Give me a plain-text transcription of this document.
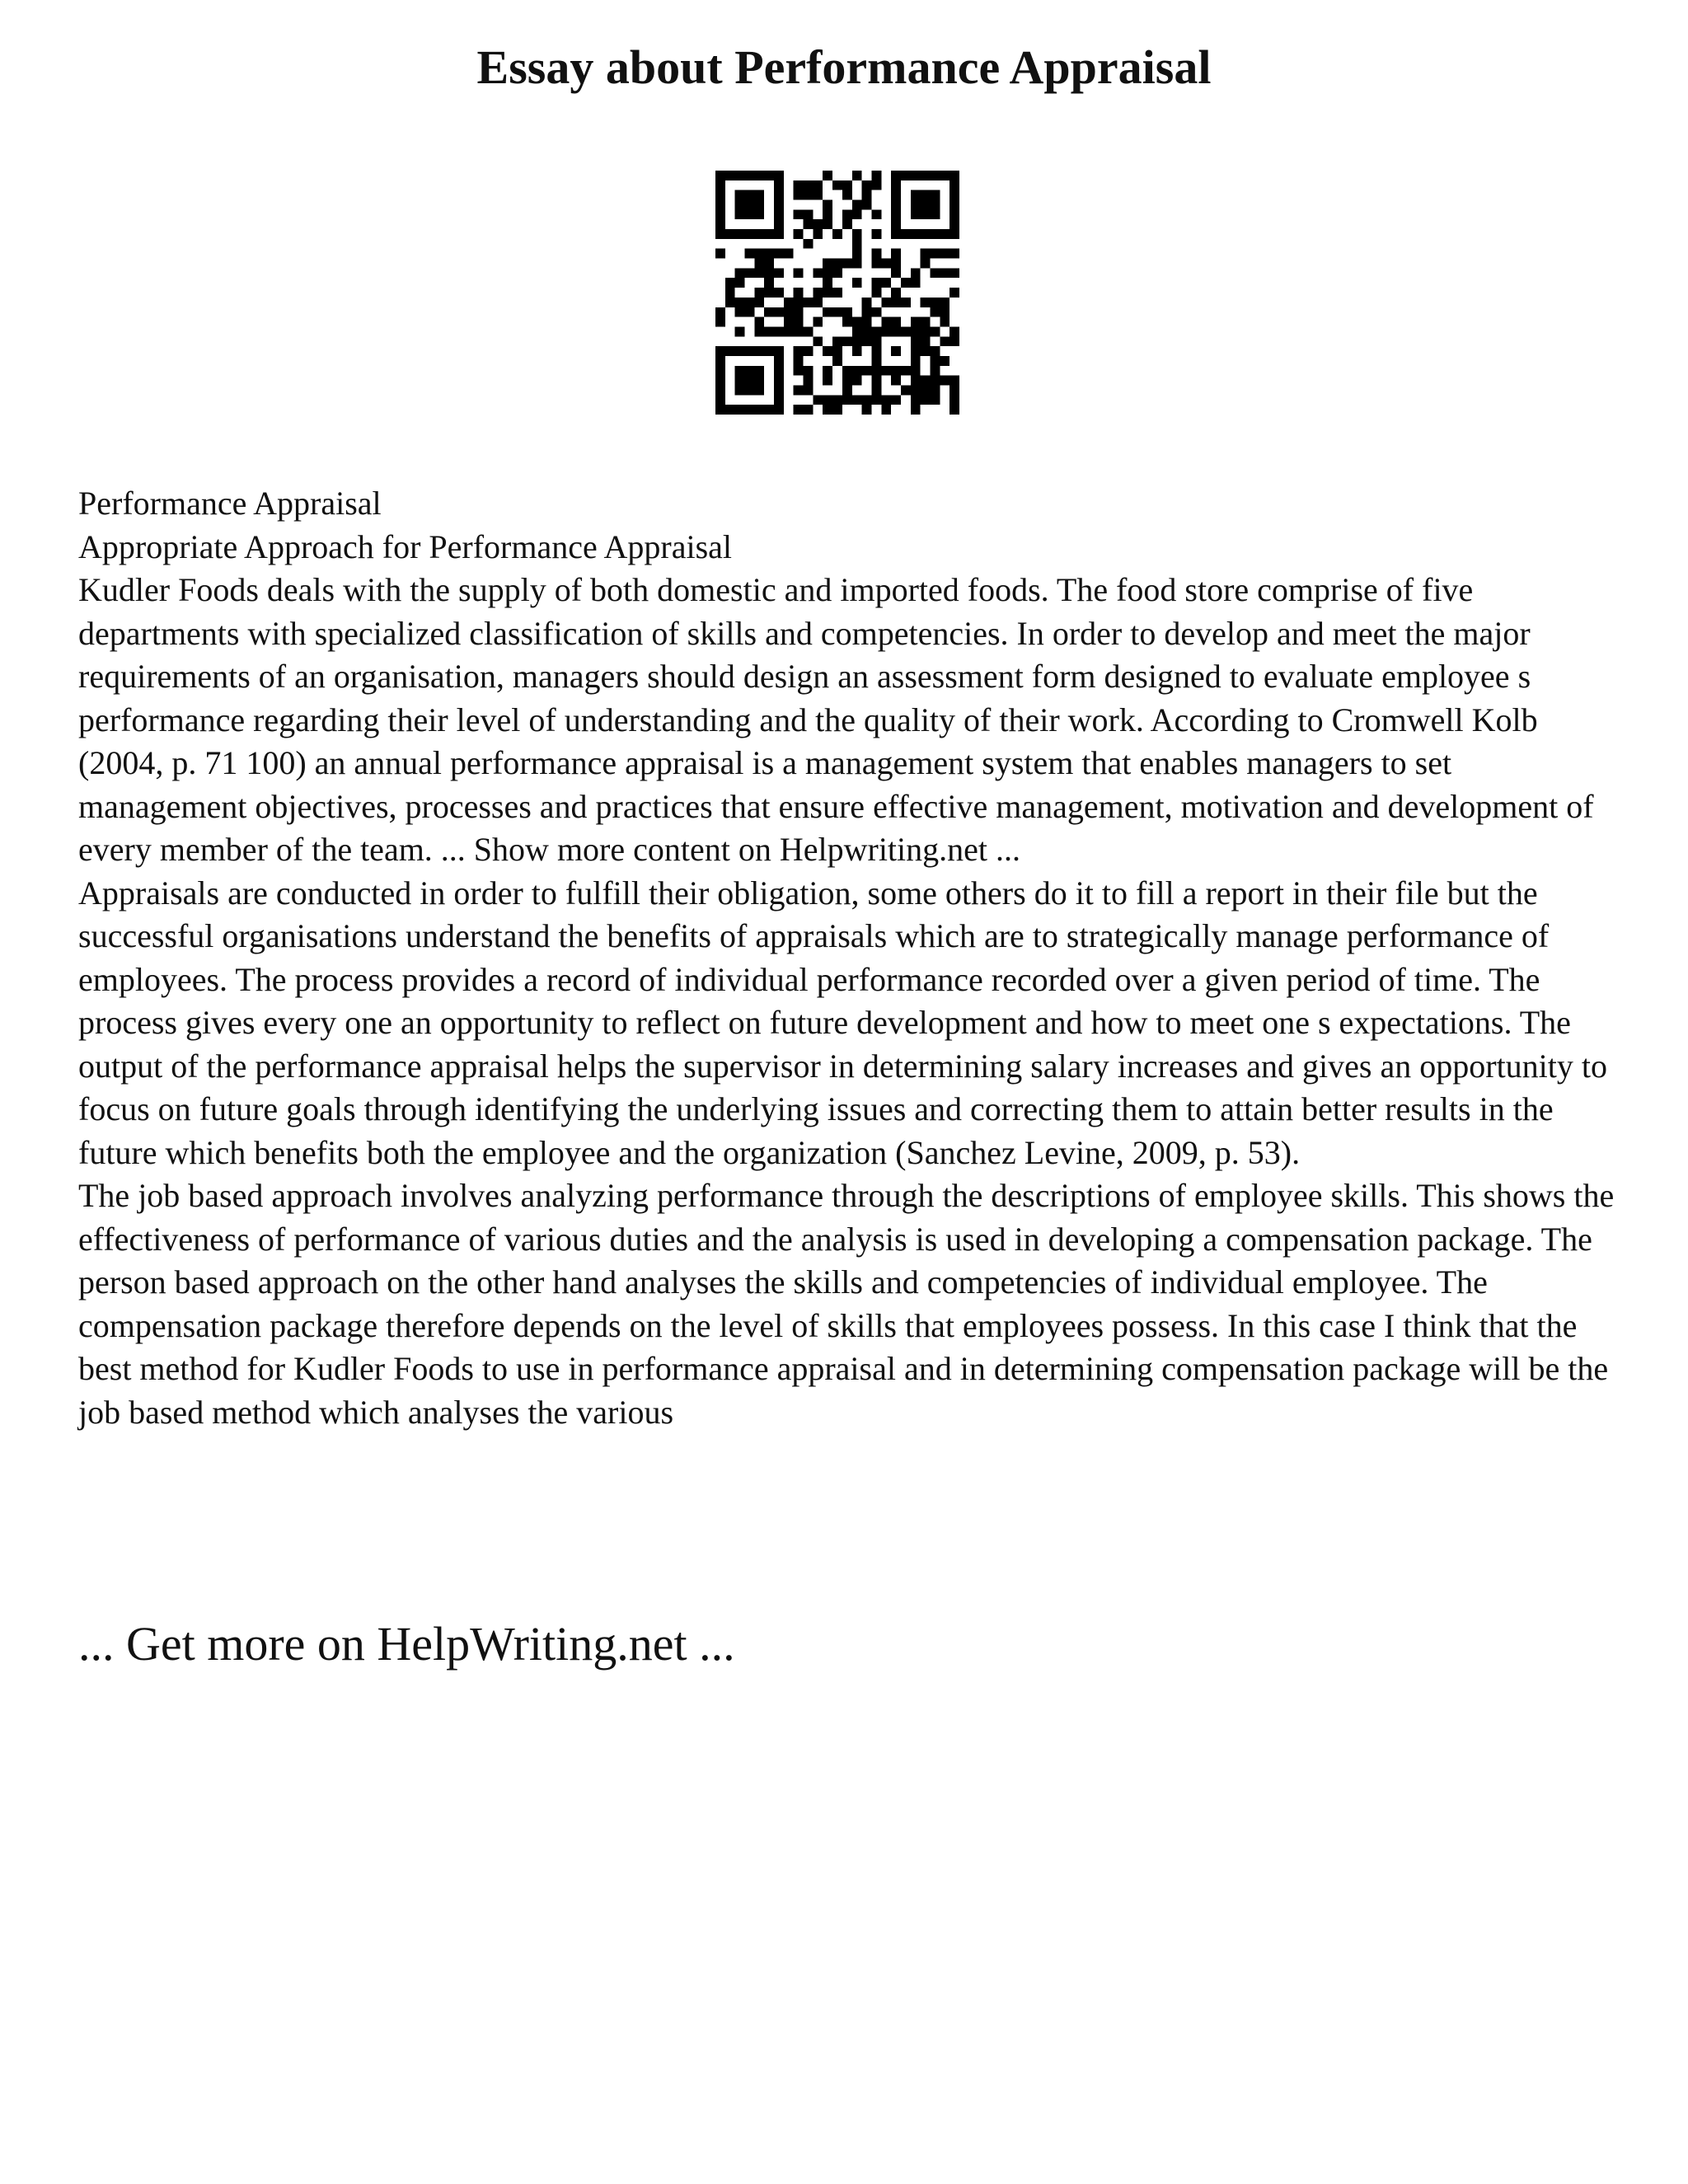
Essay about Performance Appraisal

Performance Appraisal

Appropriate Approach for Performance Appraisal

Kudler Foods deals with the supply of both domestic and imported foods. The food store comprise of five departments with specialized classification of skills and competencies. In order to develop and meet the major requirements of an organisation, managers should design an assessment form designed to evaluate employee s performance regarding their level of understanding and the quality of their work. According to Cromwell Kolb (2004, p. 71 100) an annual performance appraisal is a management system that enables managers to set management objectives, processes and practices that ensure effective management, motivation and development of every member of the team. ... Show more content on Helpwriting.net ...

Appraisals are conducted in order to fulfill their obligation, some others do it to fill a report in their file but the successful organisations understand the benefits of appraisals which are to strategically manage performance of employees. The process provides a record of individual performance recorded over a given period of time. The process gives every one an opportunity to reflect on future development and how to meet one s expectations. The output of the performance appraisal helps the supervisor in determining salary increases and gives an opportunity to focus on future goals through identifying the underlying issues and correcting them to attain better results in the future which benefits both the employee and the organization (Sanchez Levine, 2009, p. 53).

The job based approach involves analyzing performance through the descriptions of employee skills. This shows the effectiveness of performance of various duties and the analysis is used in developing a compensation package. The person based approach on the other hand analyses the skills and competencies of individual employee. The compensation package therefore depends on the level of skills that employees possess. In this case I think that the best method for Kudler Foods to use in performance appraisal and in determining compensation package will be the job based method which analyses the various

... Get more on HelpWriting.net ...
